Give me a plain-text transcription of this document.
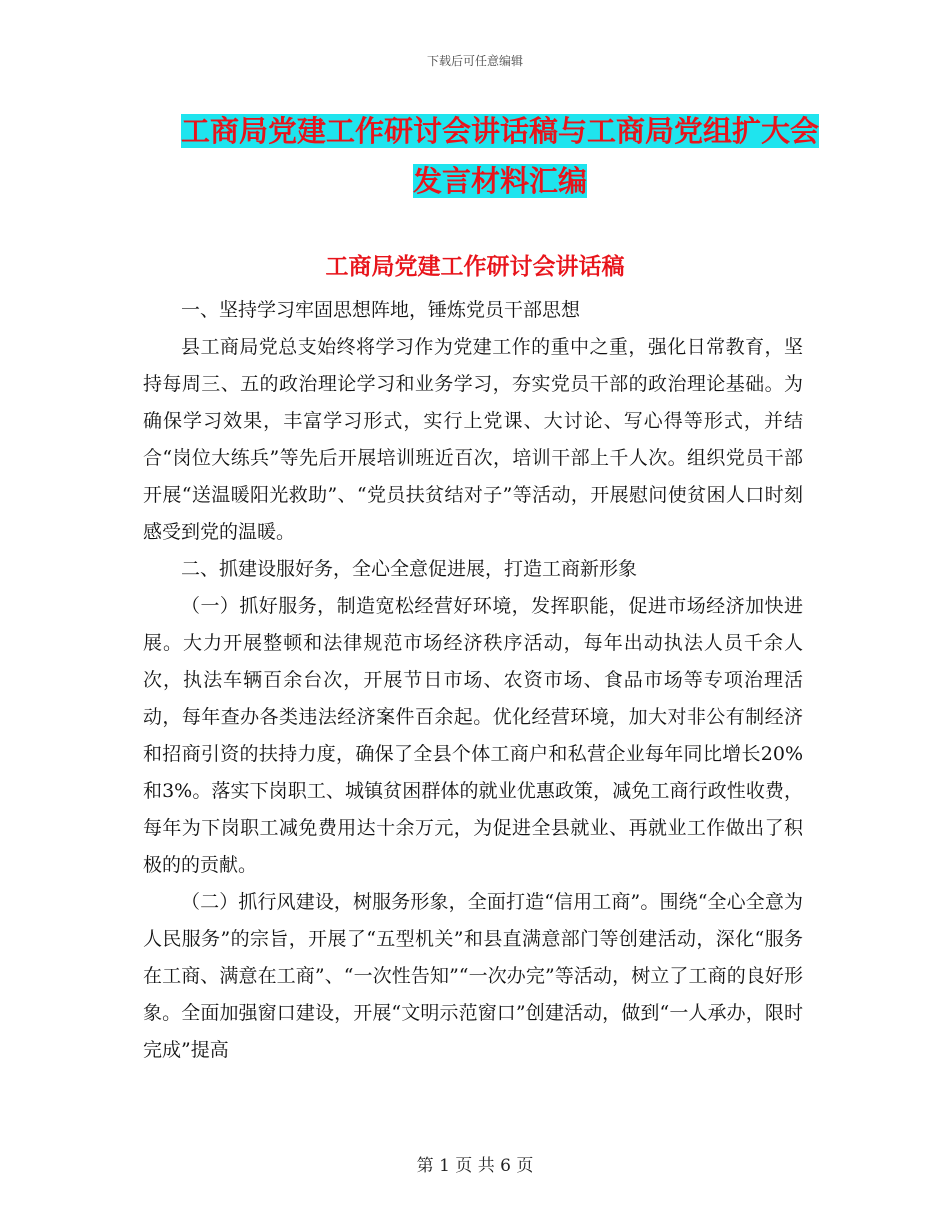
下载后可任意编辑
工商局党建工作研讨会讲话稿与工商局党组扩大会发言材料汇编
工商局党建工作研讨会讲话稿

一、坚持学习牢固思想阵地，锤炼党员干部思想

县工商局党总支始终将学习作为党建工作的重中之重，强化日常教育，坚持每周三、五的政治理论学习和业务学习，夯实党员干部的政治理论基础。为确保学习效果，丰富学习形式，实行上党课、大讨论、写心得等形式，并结合“岗位大练兵”等先后开展培训班近百次，培训干部上千人次。组织党员干部开展“送温暖阳光救助”、“党员扶贫结对子”等活动，开展慰问使贫困人口时刻感受到党的温暖。

二、抓建设服好务，全心全意促进展，打造工商新形象

（一）抓好服务，制造宽松经营好环境，发挥职能，促进市场经济加快进展。大力开展整顿和法律规范市场经济秩序活动，每年出动执法人员千余人次，执法车辆百余台次，开展节日市场、农资市场、食品市场等专项治理活动，每年查办各类违法经济案件百余起。优化经营环境，加大对非公有制经济和招商引资的扶持力度，确保了全县个体工商户和私营企业每年同比增长20%和3%。落实下岗职工、城镇贫困群体的就业优惠政策，减免工商行政性收费，每年为下岗职工减免费用达十余万元，为促进全县就业、再就业工作做出了积极的的贡献。

（二）抓行风建设，树服务形象，全面打造“信用工商”。围绕“全心全意为人民服务”的宗旨，开展了“五型机关”和县直满意部门等创建活动，深化“服务在工商、满意在工商”、“一次性告知”“一次办完”等活动，树立了工商的良好形象。全面加强窗口建设，开展“文明示范窗口”创建活动，做到“一人承办，限时完成”提高

第 1 页 共 6 页
